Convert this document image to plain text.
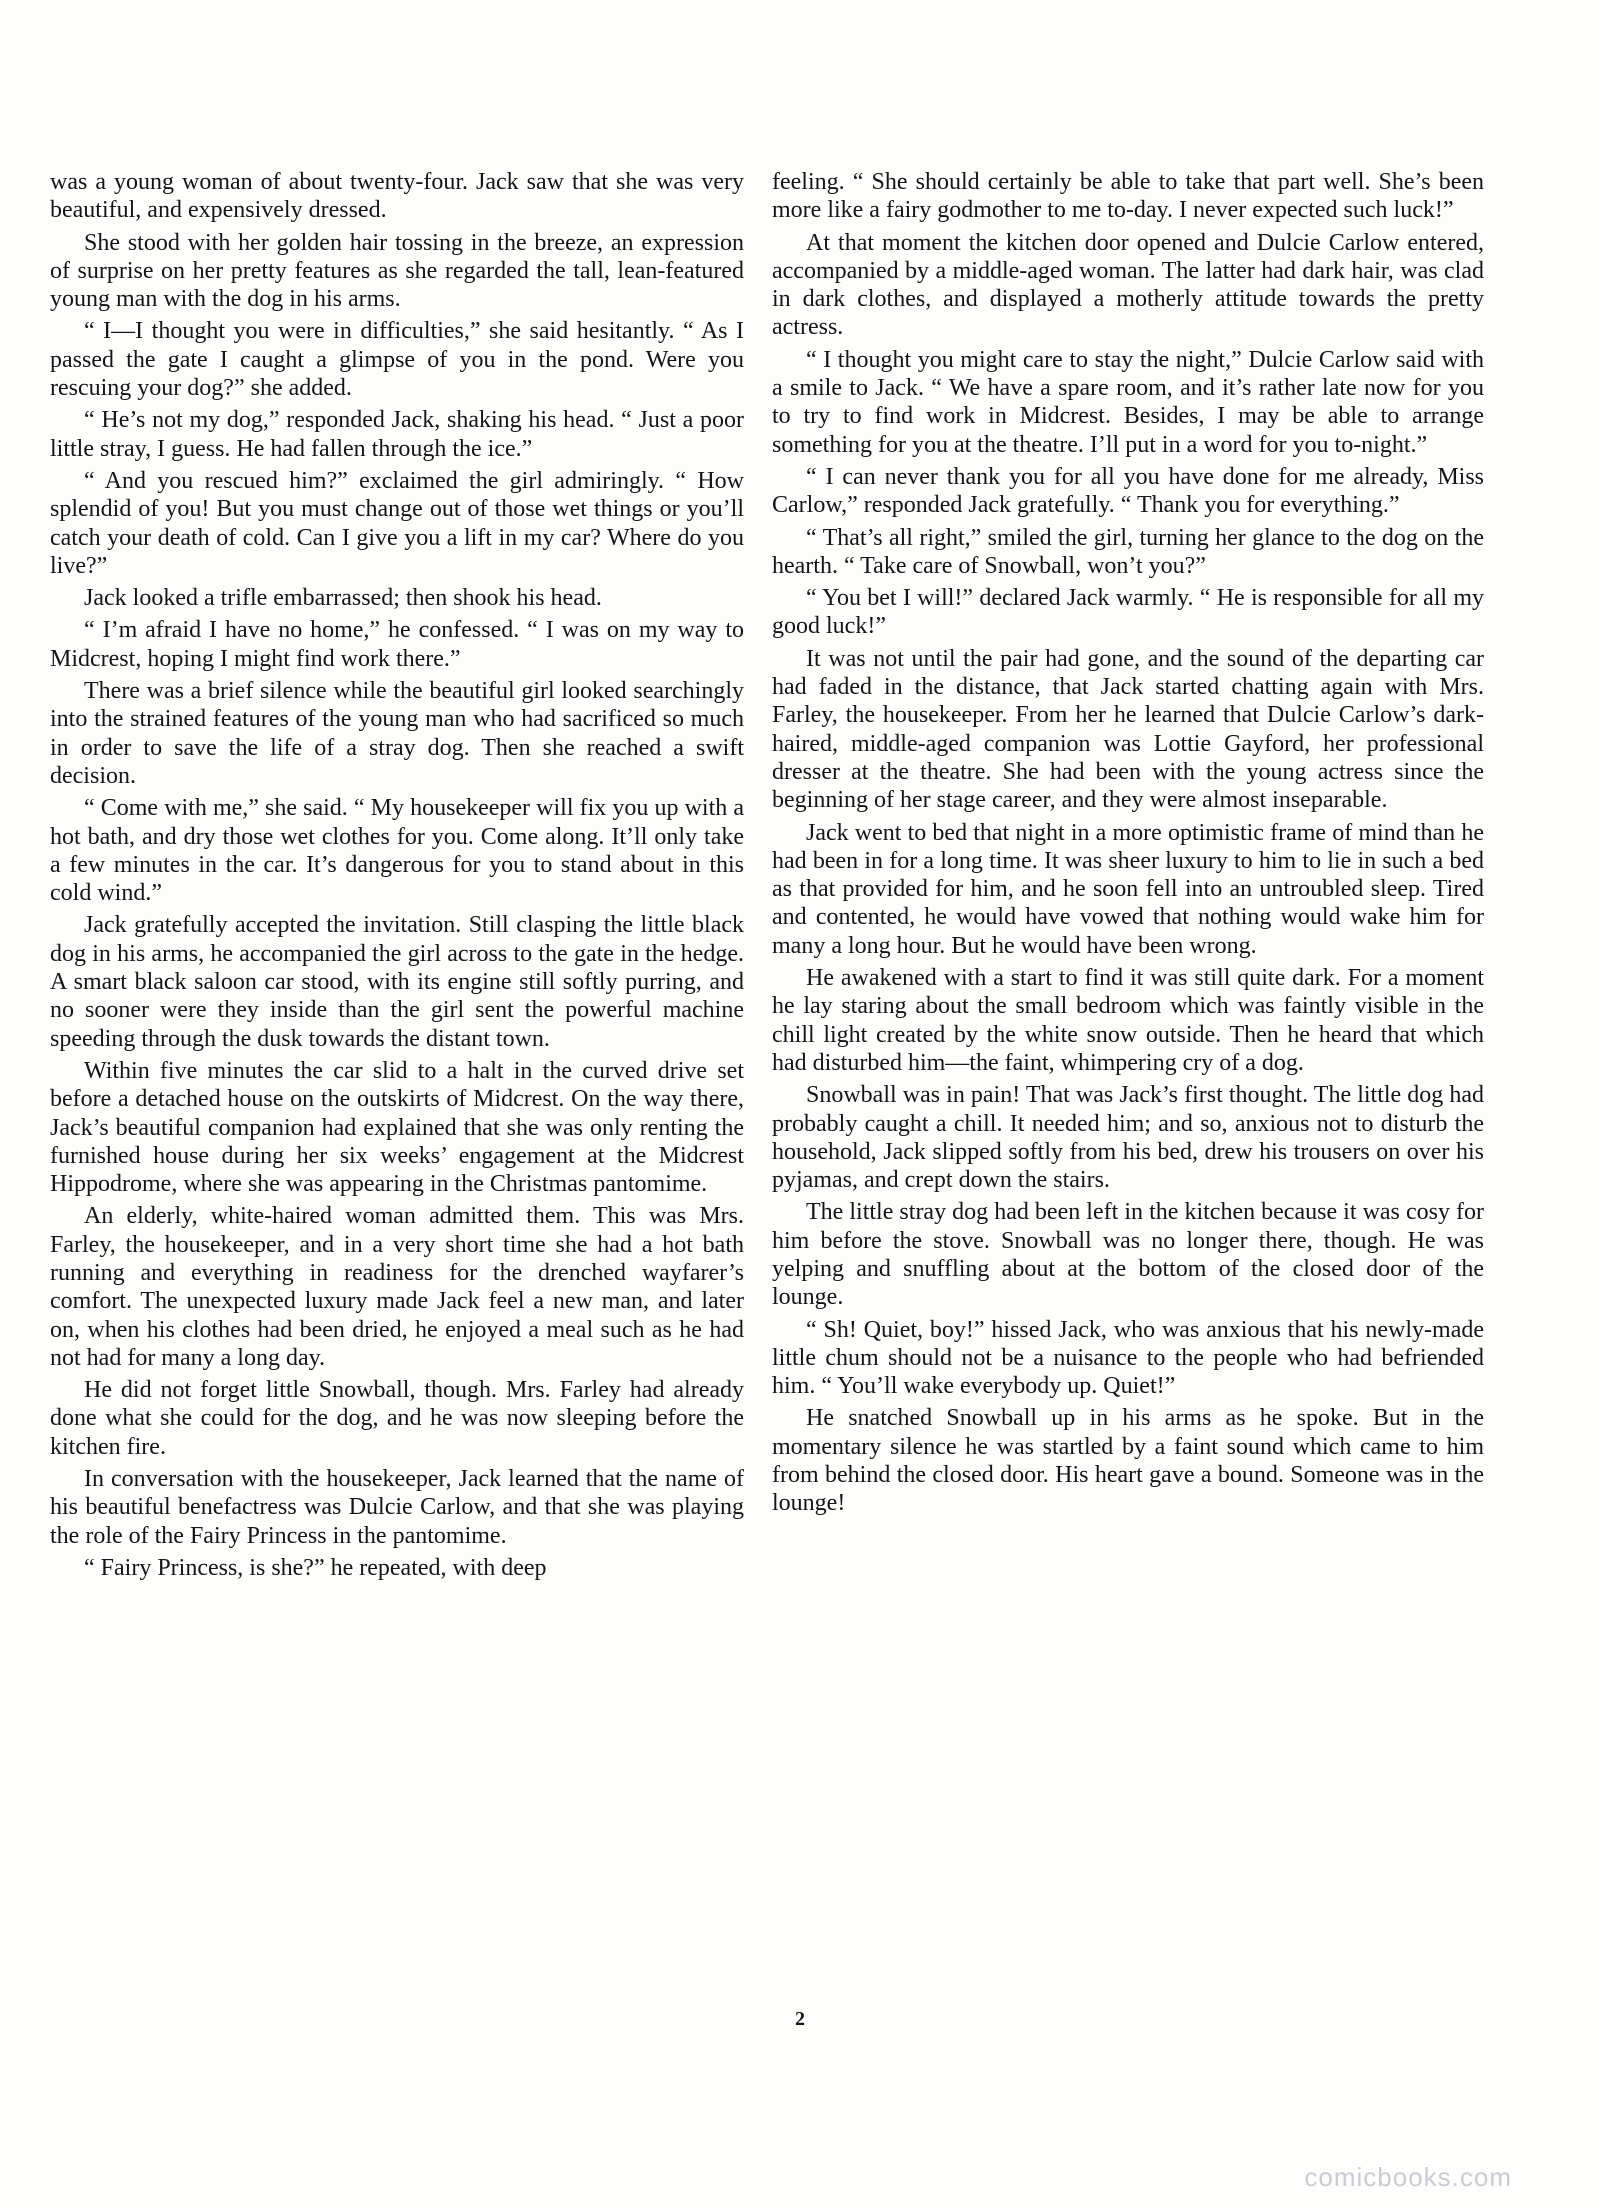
was a young woman of about twenty-four. Jack saw that she was very beautiful, and expensively dressed.

She stood with her golden hair tossing in the breeze, an expression of surprise on her pretty features as she regarded the tall, lean-featured young man with the dog in his arms.

“ I—I thought you were in difficulties,” she said hesitantly. “ As I passed the gate I caught a glimpse of you in the pond. Were you rescuing your dog?” she added.

“ He’s not my dog,” responded Jack, shaking his head. “ Just a poor little stray, I guess. He had fallen through the ice.”

“ And you rescued him?” exclaimed the girl admiringly. “ How splendid of you! But you must change out of those wet things or you’ll catch your death of cold. Can I give you a lift in my car? Where do you live?”

Jack looked a trifle embarrassed; then shook his head.

“ I’m afraid I have no home,” he confessed. “ I was on my way to Midcrest, hoping I might find work there.”

There was a brief silence while the beautiful girl looked searchingly into the strained features of the young man who had sacrificed so much in order to save the life of a stray dog. Then she reached a swift decision.

“ Come with me,” she said. “ My housekeeper will fix you up with a hot bath, and dry those wet clothes for you. Come along. It’ll only take a few minutes in the car. It’s dangerous for you to stand about in this cold wind.”

Jack gratefully accepted the invitation. Still clasping the little black dog in his arms, he accompanied the girl across to the gate in the hedge. A smart black saloon car stood, with its engine still softly purring, and no sooner were they inside than the girl sent the powerful machine speeding through the dusk towards the distant town.

Within five minutes the car slid to a halt in the curved drive set before a detached house on the outskirts of Midcrest. On the way there, Jack’s beautiful companion had explained that she was only renting the furnished house during her six weeks’ engagement at the Midcrest Hippodrome, where she was appearing in the Christmas pantomime.

An elderly, white-haired woman admitted them. This was Mrs. Farley, the housekeeper, and in a very short time she had a hot bath running and everything in readiness for the drenched wayfarer’s comfort. The unexpected luxury made Jack feel a new man, and later on, when his clothes had been dried, he enjoyed a meal such as he had not had for many a long day.

He did not forget little Snowball, though. Mrs. Farley had already done what she could for the dog, and he was now sleeping before the kitchen fire.

In conversation with the housekeeper, Jack learned that the name of his beautiful benefactress was Dulcie Carlow, and that she was playing the role of the Fairy Princess in the pantomime.

“ Fairy Princess, is she?” he repeated, with deep

feeling. “ She should certainly be able to take that part well. She’s been more like a fairy godmother to me to-day. I never expected such luck!”

At that moment the kitchen door opened and Dulcie Carlow entered, accompanied by a middle-aged woman. The latter had dark hair, was clad in dark clothes, and displayed a motherly attitude towards the pretty actress.

“ I thought you might care to stay the night,” Dulcie Carlow said with a smile to Jack. “ We have a spare room, and it’s rather late now for you to try to find work in Midcrest. Besides, I may be able to arrange something for you at the theatre. I’ll put in a word for you to-night.”

“ I can never thank you for all you have done for me already, Miss Carlow,” responded Jack gratefully. “ Thank you for everything.”

“ That’s all right,” smiled the girl, turning her glance to the dog on the hearth. “ Take care of Snowball, won’t you?”

“ You bet I will!” declared Jack warmly. “ He is responsible for all my good luck!”

It was not until the pair had gone, and the sound of the departing car had faded in the distance, that Jack started chatting again with Mrs. Farley, the housekeeper. From her he learned that Dulcie Carlow’s dark-haired, middle-aged companion was Lottie Gayford, her professional dresser at the theatre. She had been with the young actress since the beginning of her stage career, and they were almost inseparable.

Jack went to bed that night in a more optimistic frame of mind than he had been in for a long time. It was sheer luxury to him to lie in such a bed as that provided for him, and he soon fell into an untroubled sleep. Tired and contented, he would have vowed that nothing would wake him for many a long hour. But he would have been wrong.

He awakened with a start to find it was still quite dark. For a moment he lay staring about the small bedroom which was faintly visible in the chill light created by the white snow outside. Then he heard that which had disturbed him—the faint, whimpering cry of a dog.

Snowball was in pain! That was Jack’s first thought. The little dog had probably caught a chill. It needed him; and so, anxious not to disturb the household, Jack slipped softly from his bed, drew his trousers on over his pyjamas, and crept down the stairs.

The little stray dog had been left in the kitchen because it was cosy for him before the stove. Snowball was no longer there, though. He was yelping and snuffling about at the bottom of the closed door of the lounge.

“ Sh! Quiet, boy!” hissed Jack, who was anxious that his newly-made little chum should not be a nuisance to the people who had befriended him. “ You’ll wake everybody up. Quiet!”

He snatched Snowball up in his arms as he spoke. But in the momentary silence he was startled by a faint sound which came to him from behind the closed door. His heart gave a bound. Someone was in the lounge!

2
comicbooks.com
